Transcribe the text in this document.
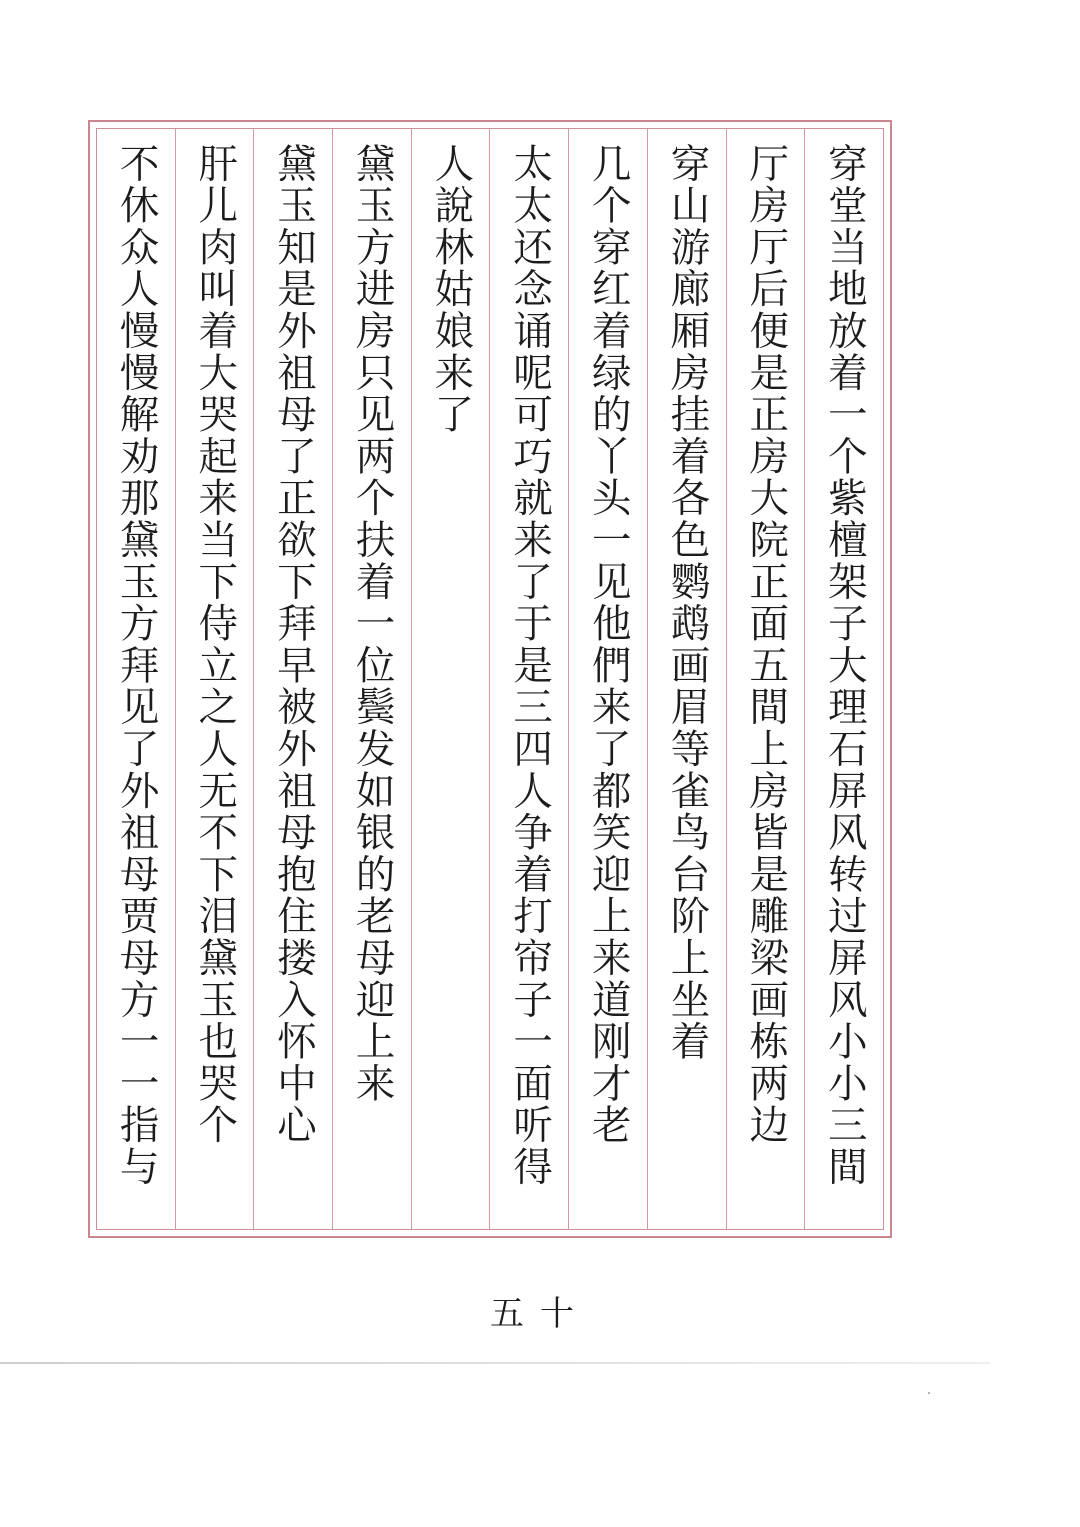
穿堂当地放着一个紫檀架子大理石屏风转过屏风小小三間
厅房厅后便是正房大院正面五間上房皆是雕梁画栋两边
穿山游廊厢房挂着各色鹦鹉画眉等雀鸟台阶上坐着
几个穿红着绿的丫头一见他們来了都笑迎上来道刚才老
太太还念诵呢可巧就来了于是三四人争着打帘子一面听得
人說林姑娘来了
黛玉方进房只见两个扶着一位鬓发如银的老母迎上来
黛玉知是外祖母了正欲下拜早被外祖母抱住搂入怀中心
肝儿肉叫着大哭起来当下侍立之人无不下泪黛玉也哭个
不休众人慢慢解劝那黛玉方拜见了外祖母贾母方一一指与
五十
